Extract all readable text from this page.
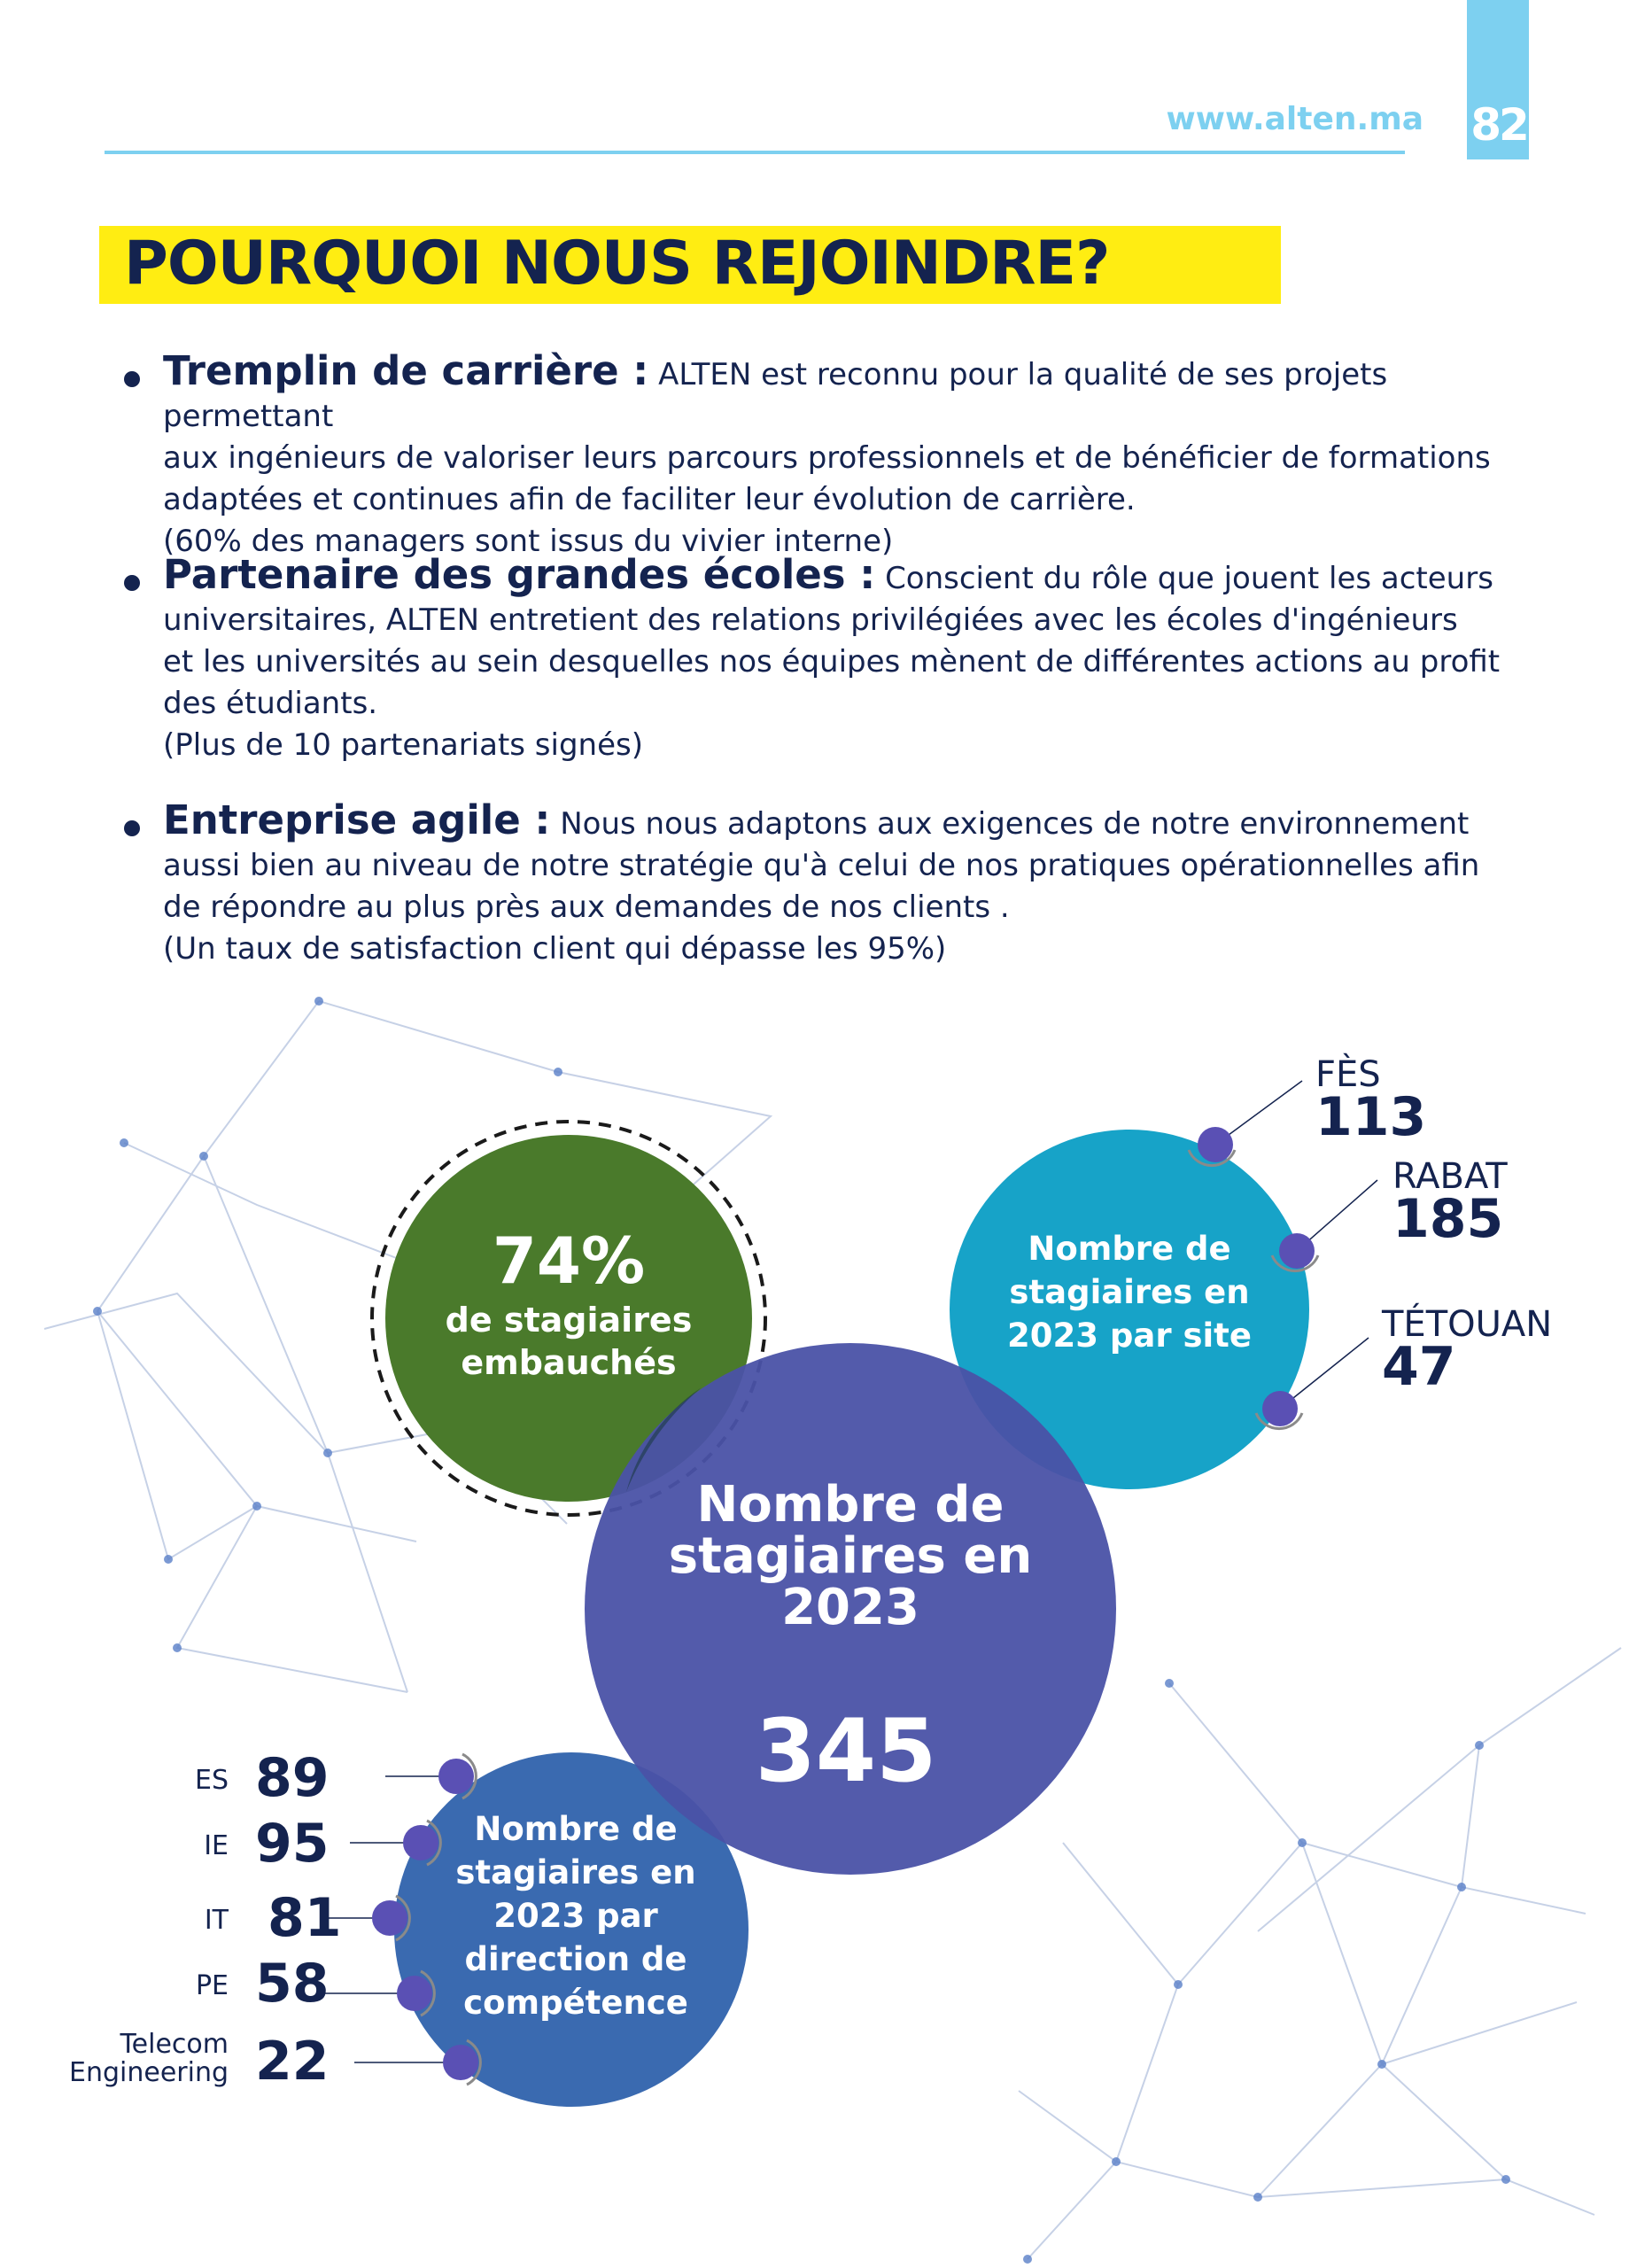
82
www.alten.ma
POURQUOI NOUS REJOINDRE?
Tremplin de carrière : ALTEN est reconnu pour la qualité de ses projets permettant
aux ingénieurs de valoriser leurs parcours professionnels et de bénéficier de formations
adaptées et continues afin de faciliter leur évolution de carrière.
(60% des managers sont issus du vivier interne)
Partenaire des grandes écoles : Conscient du rôle que jouent les acteurs
universitaires, ALTEN entretient des relations privilégiées avec les écoles d'ingénieurs
et les universités au sein desquelles nos équipes mènent de différentes actions au profit
des étudiants.
(Plus de 10 partenariats signés)
Entreprise agile : Nous nous adaptons aux exigences de notre environnement
aussi bien au niveau de notre stratégie qu'à celui de nos pratiques opérationnelles afin
de répondre au plus près aux demandes de nos clients .
(Un taux de satisfaction client qui dépasse les 95%)
74%
de stagiaires
embauchés
Nombre de
stagiaires en
2023 par site
Nombre de
stagiaires en
2023
345
Nombre de
stagiaires en
2023 par
direction de
compétence
FÈS
113
RABAT
185
TÉTOUAN
47
ES 89
IE 95
IT 81
PE 58
Telecom
Engineering 22
